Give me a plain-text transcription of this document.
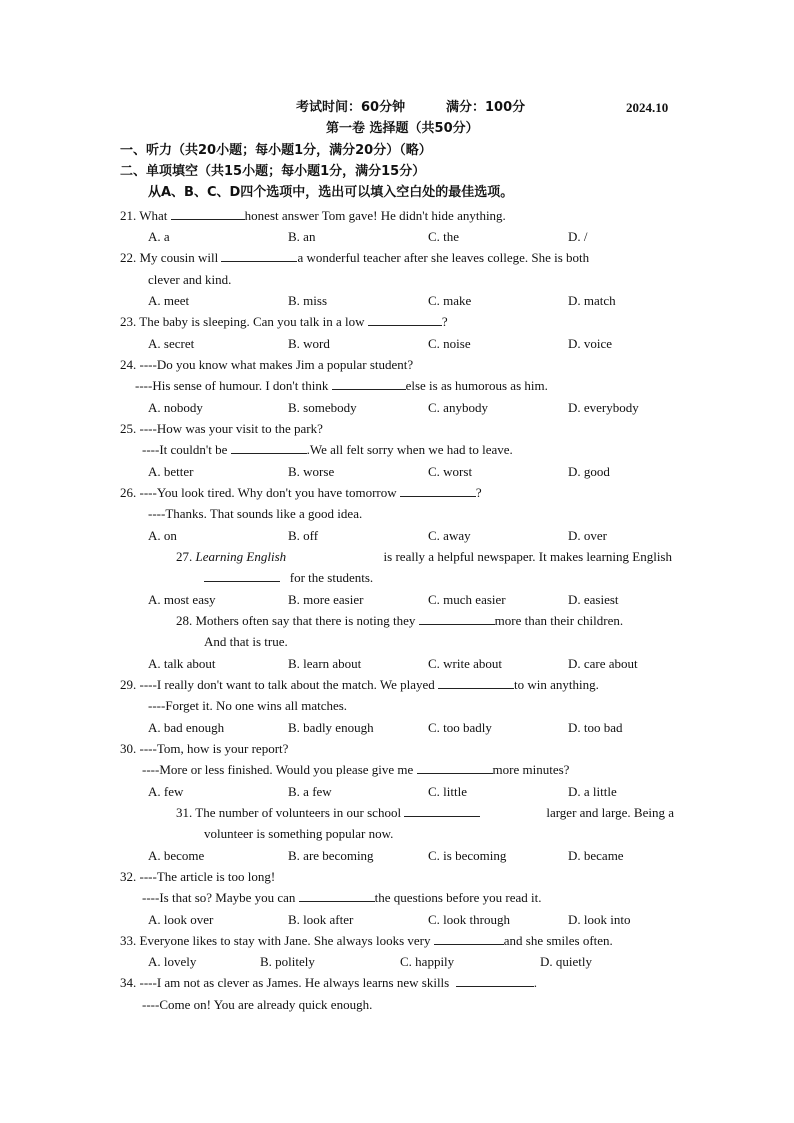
考试时间：60分钟	满分：100分	2024.10
第一卷 选择题（共50分）
一、听力（共20小题；每小题1分，满分20分）（略）
二、单项填空（共15小题；每小题1分，满分15分）
从A、B、C、D四个选项中，选出可以填入空白处的最佳选项。
21. What	honest answer Tom gave! He didn't hide anything.
A. a	B. an	C. the	D. /
22. My cousin will	a wonderful teacher after she leaves college. She is both
clever and kind.
A. meet	B. miss	C. make	D. match
23. The baby is sleeping. Can you talk in a low	?
A. secret	B. word	C. noise	D. voice
24. ----Do you know what makes Jim a popular student?
----His sense of humour. I don't think	else is as humorous as him.
A. nobody	B. somebody	C. anybody	D. everybody
25. ----How was your visit to the park?
----It couldn't be	.We all felt sorry when we had to leave.
A. better	B. worse	C. worst	D. good
26. ----You look tired. Why don't you have tomorrow	?
----Thanks. That sounds like a good idea.
A. on	B. off	C. away	D. over
27. Learning English	is really a helpful newspaper. It makes learning English
for the students.
A. most easy	B. more easier	C. much easier	D. easiest
28. Mothers often say that there is noting they	more than their children.
And that is true.
A. talk about	B. learn about	C. write about	D. care about
29. ----I really don't want to talk about the match. We played	to win anything.
----Forget it. No one wins all matches.
A. bad enough	B. badly enough	C. too badly	D. too bad
30. ----Tom, how is your report?
----More or less finished. Would you please give me	more minutes?
A. few	B. a few	C. little	D. a little
31. The number of volunteers in our school	larger and large. Being a
volunteer is something popular now.
A. become	B. are becoming	C. is becoming	D. became
32. ----The article is too long!
----Is that so? Maybe you can	the questions before you read it.
A. look over	B. look after	C. look through	D. look into
33. Everyone likes to stay with Jane. She always looks very	and she smiles often.
A. lovely	B. politely	C. happily	D. quietly
34. ----I am not as clever as James. He always learns new skills	.
----Come on! You are already quick enough.
